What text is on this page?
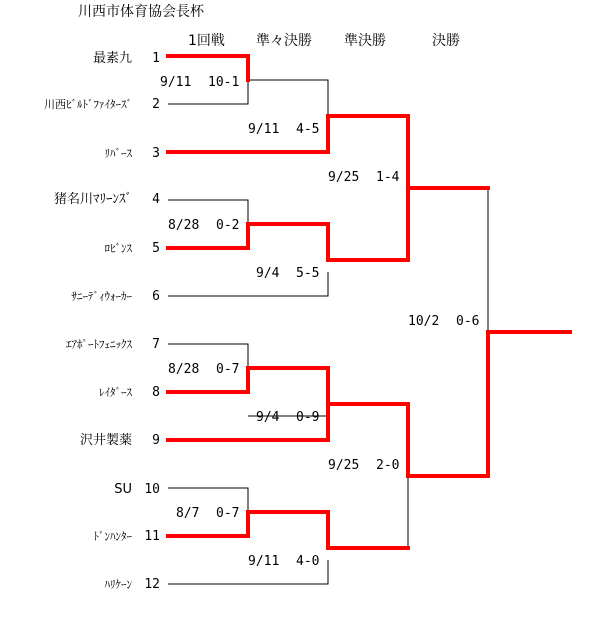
川西市体育協会長杯
1回戦 準々決勝 準決勝	決勝
最素九
川西ﾋﾞﾙﾄﾞﾌｧｲﾀｰｽﾞ
ﾘﾊﾞｰｽ
猪名川ﾏﾘｰﾝｽﾞ
ﾛﾋﾞﾝｽ
ｻﾆｰﾃﾞｨｳｫｰｶｰ
ｴｱﾎﾟｰﾄﾌｪﾆｯｸｽ
ﾚｲﾀﾞｰｽ
沢井製薬
SU
ﾄﾞﾝﾊﾝﾀｰ
ﾊﾘｹｰﾝ
1
2
3
4
5
6
7
8
9
10
11
12
9/11 10-1
8/28 0-2
8/28 0-7
8/7 0-7
9/11 4-5
9/4 5-5
9/4 0-9
9/11 4-0
9/25 1-4
9/25 2-0
10/2 0-6
